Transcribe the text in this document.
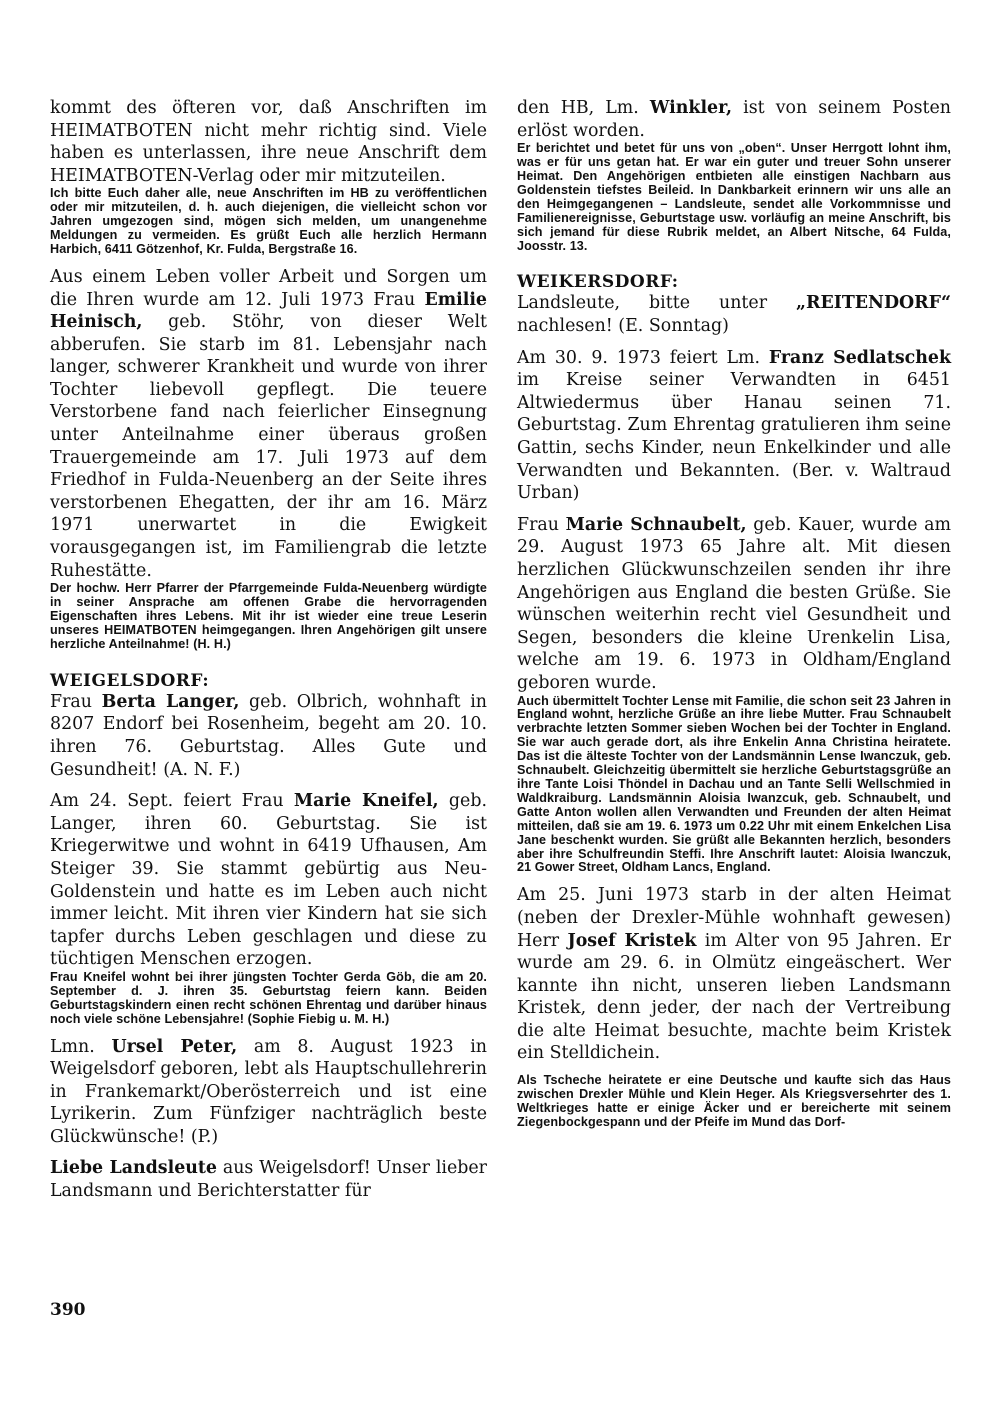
kommt des öfteren vor, daß Anschriften im HEIMATBOTEN nicht mehr richtig sind. Viele haben es unterlassen, ihre neue Anschrift dem HEIMATBOTEN-Verlag oder mir mitzuteilen.

Ich bitte Euch daher alle, neue Anschriften im HB zu veröffentlichen oder mir mitzuteilen, d. h. auch diejenigen, die vielleicht schon vor Jahren umgezogen sind, mögen sich melden, um unangenehme Meldungen zu vermeiden. Es grüßt Euch alle herzlich Hermann Harbich, 6411 Götzenhof, Kr. Fulda, Bergstraße 16.

Aus einem Leben voller Arbeit und Sorgen um die Ihren wurde am 12. Juli 1973 Frau Emilie Heinisch, geb. Stöhr, von dieser Welt abberufen. Sie starb im 81. Lebensjahr nach langer, schwerer Krankheit und wurde von ihrer Tochter liebevoll gepflegt. Die teuere Verstorbene fand nach feierlicher Einsegnung unter Anteilnahme einer überaus großen Trauergemeinde am 17. Juli 1973 auf dem Friedhof in Fulda-Neuenberg an der Seite ihres verstorbenen Ehegatten, der ihr am 16. März 1971 unerwartet in die Ewigkeit vorausgegangen ist, im Familiengrab die letzte Ruhestätte.

Der hochw. Herr Pfarrer der Pfarrgemeinde Fulda-Neuenberg würdigte in seiner Ansprache am offenen Grabe die hervorragenden Eigenschaften ihres Lebens. Mit ihr ist wieder eine treue Leserin unseres HEIMATBOTEN heimgegangen. Ihren Angehörigen gilt unsere herzliche Anteilnahme! (H. H.)

WEIGELSDORF:

Frau Berta Langer, geb. Olbrich, wohnhaft in 8207 Endorf bei Rosenheim, begeht am 20. 10. ihren 76. Geburtstag. Alles Gute und Gesundheit! (A. N. F.)

Am 24. Sept. feiert Frau Marie Kneifel, geb. Langer, ihren 60. Geburtstag. Sie ist Kriegerwitwe und wohnt in 6419 Ufhausen, Am Steiger 39. Sie stammt gebürtig aus Neu-Goldenstein und hatte es im Leben auch nicht immer leicht. Mit ihren vier Kindern hat sie sich tapfer durchs Leben geschlagen und diese zu tüchtigen Menschen erzogen.

Frau Kneifel wohnt bei ihrer jüngsten Tochter Gerda Göb, die am 20. September d. J. ihren 35. Geburtstag feiern kann. Beiden Geburtstagskindern einen recht schönen Ehrentag und darüber hinaus noch viele schöne Lebensjahre! (Sophie Fiebig u. M. H.)

Lmn. Ursel Peter, am 8. August 1923 in Weigelsdorf geboren, lebt als Hauptschullehrerin in Frankemarkt/Oberösterreich und ist eine Lyrikerin. Zum Fünfziger nachträglich beste Glückwünsche! (P.)

Liebe Landsleute aus Weigelsdorf! Unser lieber Landsmann und Berichterstatter für

den HB, Lm. Winkler, ist von seinem Posten erlöst worden.

Er berichtet und betet für uns von „oben“. Unser Herrgott lohnt ihm, was er für uns getan hat. Er war ein guter und treuer Sohn unserer Heimat. Den Angehörigen entbieten alle einstigen Nachbarn aus Goldenstein tiefstes Beileid. In Dankbarkeit erinnern wir uns alle an den Heimgegangenen – Landsleute, sendet alle Vorkommnisse und Familienereignisse, Geburtstage usw. vorläufig an meine Anschrift, bis sich jemand für diese Rubrik meldet, an Albert Nitsche, 64 Fulda, Joosstr. 13.

WEIKERSDORF:

Landsleute, bitte unter „REITENDORF“ nachlesen! (E. Sonntag)

Am 30. 9. 1973 feiert Lm. Franz Sedlatschek im Kreise seiner Verwandten in 6451 Altwiedermus über Hanau seinen 71. Geburtstag. Zum Ehrentag gratulieren ihm seine Gattin, sechs Kinder, neun Enkelkinder und alle Verwandten und Bekannten. (Ber. v. Waltraud Urban)

Frau Marie Schnaubelt, geb. Kauer, wurde am 29. August 1973 65 Jahre alt. Mit diesen herzlichen Glückwunschzeilen senden ihr ihre Angehörigen aus England die besten Grüße. Sie wünschen weiterhin recht viel Gesundheit und Segen, besonders die kleine Urenkelin Lisa, welche am 19. 6. 1973 in Oldham/England geboren wurde.

Auch übermittelt Tochter Lense mit Familie, die schon seit 23 Jahren in England wohnt, herzliche Grüße an ihre liebe Mutter. Frau Schnaubelt verbrachte letzten Sommer sieben Wochen bei der Tochter in England. Sie war auch gerade dort, als ihre Enkelin Anna Christina heiratete. Das ist die älteste Tochter von der Landsmännin Lense Iwanczuk, geb. Schnaubelt. Gleichzeitig übermittelt sie herzliche Geburtstagsgrüße an ihre Tante Loisi Thöndel in Dachau und an Tante Selli Wellschmied in Waldkraiburg. Landsmännin Aloisia Iwanzcuk, geb. Schnaubelt, und Gatte Anton wollen allen Verwandten und Freunden der alten Heimat mitteilen, daß sie am 19. 6. 1973 um 0.22 Uhr mit einem Enkelchen Lisa Jane beschenkt wurden. Sie grüßt alle Bekannten herzlich, besonders aber ihre Schulfreundin Steffi. Ihre Anschrift lautet: Aloisia Iwanczuk, 21 Gower Street, Oldham Lancs, England.

Am 25. Juni 1973 starb in der alten Heimat (neben der Drexler-Mühle wohnhaft gewesen) Herr Josef Kristek im Alter von 95 Jahren. Er wurde am 29. 6. in Olmütz eingeäschert. Wer kannte ihn nicht, unseren lieben Landsmann Kristek, denn jeder, der nach der Vertreibung die alte Heimat besuchte, machte beim Kristek ein Stelldichein.

Als Tscheche heiratete er eine Deutsche und kaufte sich das Haus zwischen Drexler Mühle und Klein Heger. Als Kriegsversehrter des 1. Weltkrieges hatte er einige Äcker und er bereicherte mit seinem Ziegenbockgespann und der Pfeife im Mund das Dorf-

390
